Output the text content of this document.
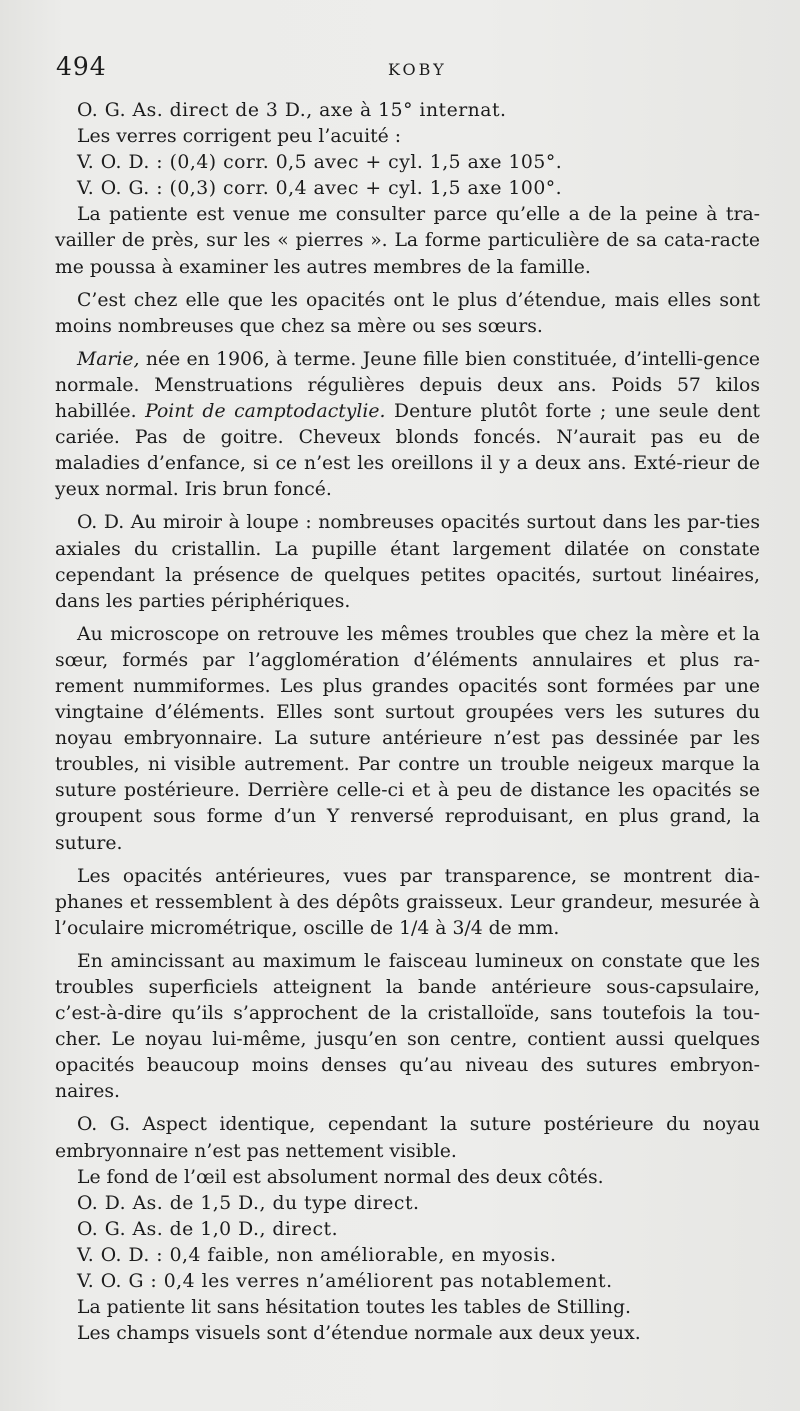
494	KOBY

O. G. As. direct de 3 D., axe à 15° internat.

Les verres corrigent peu l’acuité :

V. O. D. : (0,4) corr. 0,5 avec + cyl. 1,5 axe 105°.

V. O. G. : (0,3) corr. 0,4 avec + cyl. 1,5 axe 100°.

La patiente est venue me consulter parce qu’elle a de la peine à tra-vailler de près, sur les « pierres ». La forme particulière de sa cata-racte me poussa à examiner les autres membres de la famille.

C’est chez elle que les opacités ont le plus d’étendue, mais elles sont moins nombreuses que chez sa mère ou ses sœurs.

Marie, née en 1906, à terme. Jeune fille bien constituée, d’intelli-gence normale. Menstruations régulières depuis deux ans. Poids 57 kilos habillée. Point de camptodactylie. Denture plutôt forte ; une seule dent cariée. Pas de goitre. Cheveux blonds foncés. N’aurait pas eu de maladies d’enfance, si ce n’est les oreillons il y a deux ans. Exté-rieur de yeux normal. Iris brun foncé.

O. D. Au miroir à loupe : nombreuses opacités surtout dans les par-ties axiales du cristallin. La pupille étant largement dilatée on constate cependant la présence de quelques petites opacités, surtout linéaires, dans les parties périphériques.

Au microscope on retrouve les mêmes troubles que chez la mère et la sœur, formés par l’agglomération d’éléments annulaires et plus ra-rement nummiformes. Les plus grandes opacités sont formées par une vingtaine d’éléments. Elles sont surtout groupées vers les sutures du noyau embryonnaire. La suture antérieure n’est pas dessinée par les troubles, ni visible autrement. Par contre un trouble neigeux marque la suture postérieure. Derrière celle-ci et à peu de distance les opacités se groupent sous forme d’un Y renversé reproduisant, en plus grand, la suture.

Les opacités antérieures, vues par transparence, se montrent dia-phanes et ressemblent à des dépôts graisseux. Leur grandeur, mesurée à l’oculaire micrométrique, oscille de 1/4 à 3/4 de mm.

En amincissant au maximum le faisceau lumineux on constate que les troubles superficiels atteignent la bande antérieure sous-capsulaire, c’est-à-dire qu’ils s’approchent de la cristalloïde, sans toutefois la tou-cher. Le noyau lui-même, jusqu’en son centre, contient aussi quelques opacités beaucoup moins denses qu’au niveau des sutures embryon-naires.

O. G. Aspect identique, cependant la suture postérieure du noyau embryonnaire n’est pas nettement visible.

Le fond de l’œil est absolument normal des deux côtés.

O. D. As. de 1,5 D., du type direct.

O. G. As. de 1,0 D., direct.

V. O. D. : 0,4 faible, non améliorable, en myosis.

V. O. G : 0,4 les verres n’améliorent pas notablement.

La patiente lit sans hésitation toutes les tables de Stilling.

Les champs visuels sont d’étendue normale aux deux yeux.
